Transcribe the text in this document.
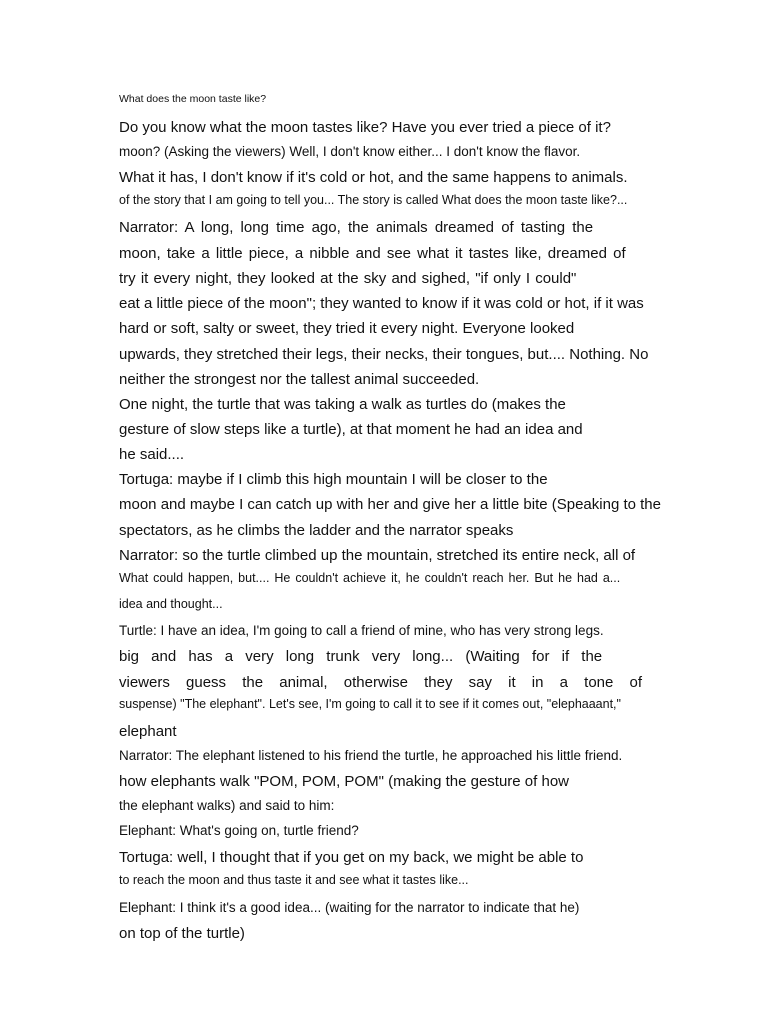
What does the moon taste like?
Do you know what the moon tastes like? Have you ever tried a piece of it?
moon? (Asking the viewers) Well, I don't know either... I don't know the flavor.
What it has, I don't know if it's cold or hot, and the same happens to animals.
of the story that I am going to tell you... The story is called What does the moon taste like?...
Narrator: A long, long time ago, the animals dreamed of tasting the
moon, take a little piece, a nibble and see what it tastes like, dreamed of
try it every night, they looked at the sky and sighed, "if only I could"
eat a little piece of the moon"; they wanted to know if it was cold or hot, if it was
hard or soft, salty or sweet, they tried it every night. Everyone looked
upwards, they stretched their legs, their necks, their tongues, but.... Nothing. No
neither the strongest nor the tallest animal succeeded.
One night, the turtle that was taking a walk as turtles do (makes the
gesture of slow steps like a turtle), at that moment he had an idea and
he said....
Tortuga: maybe if I climb this high mountain I will be closer to the
moon and maybe I can catch up with her and give her a little bite (Speaking to the
spectators, as he climbs the ladder and the narrator speaks
Narrator: so the turtle climbed up the mountain, stretched its entire neck, all of
What could happen, but.... He couldn't achieve it, he couldn't reach her. But he had a...
idea and thought...
Turtle: I have an idea, I'm going to call a friend of mine, who has very strong legs.
big and has a very long trunk very long... (Waiting for if the
viewers guess the animal, otherwise they say it in a tone of
suspense) "The elephant". Let's see, I'm going to call it to see if it comes out, "elephaaant,"
elephant
Narrator: The elephant listened to his friend the turtle, he approached his little friend.
how elephants walk "POM, POM, POM" (making the gesture of how
the elephant walks) and said to him:
Elephant: What's going on, turtle friend?
Tortuga: well, I thought that if you get on my back, we might be able to
to reach the moon and thus taste it and see what it tastes like...
Elephant: I think it's a good idea... (waiting for the narrator to indicate that he)
on top of the turtle)
